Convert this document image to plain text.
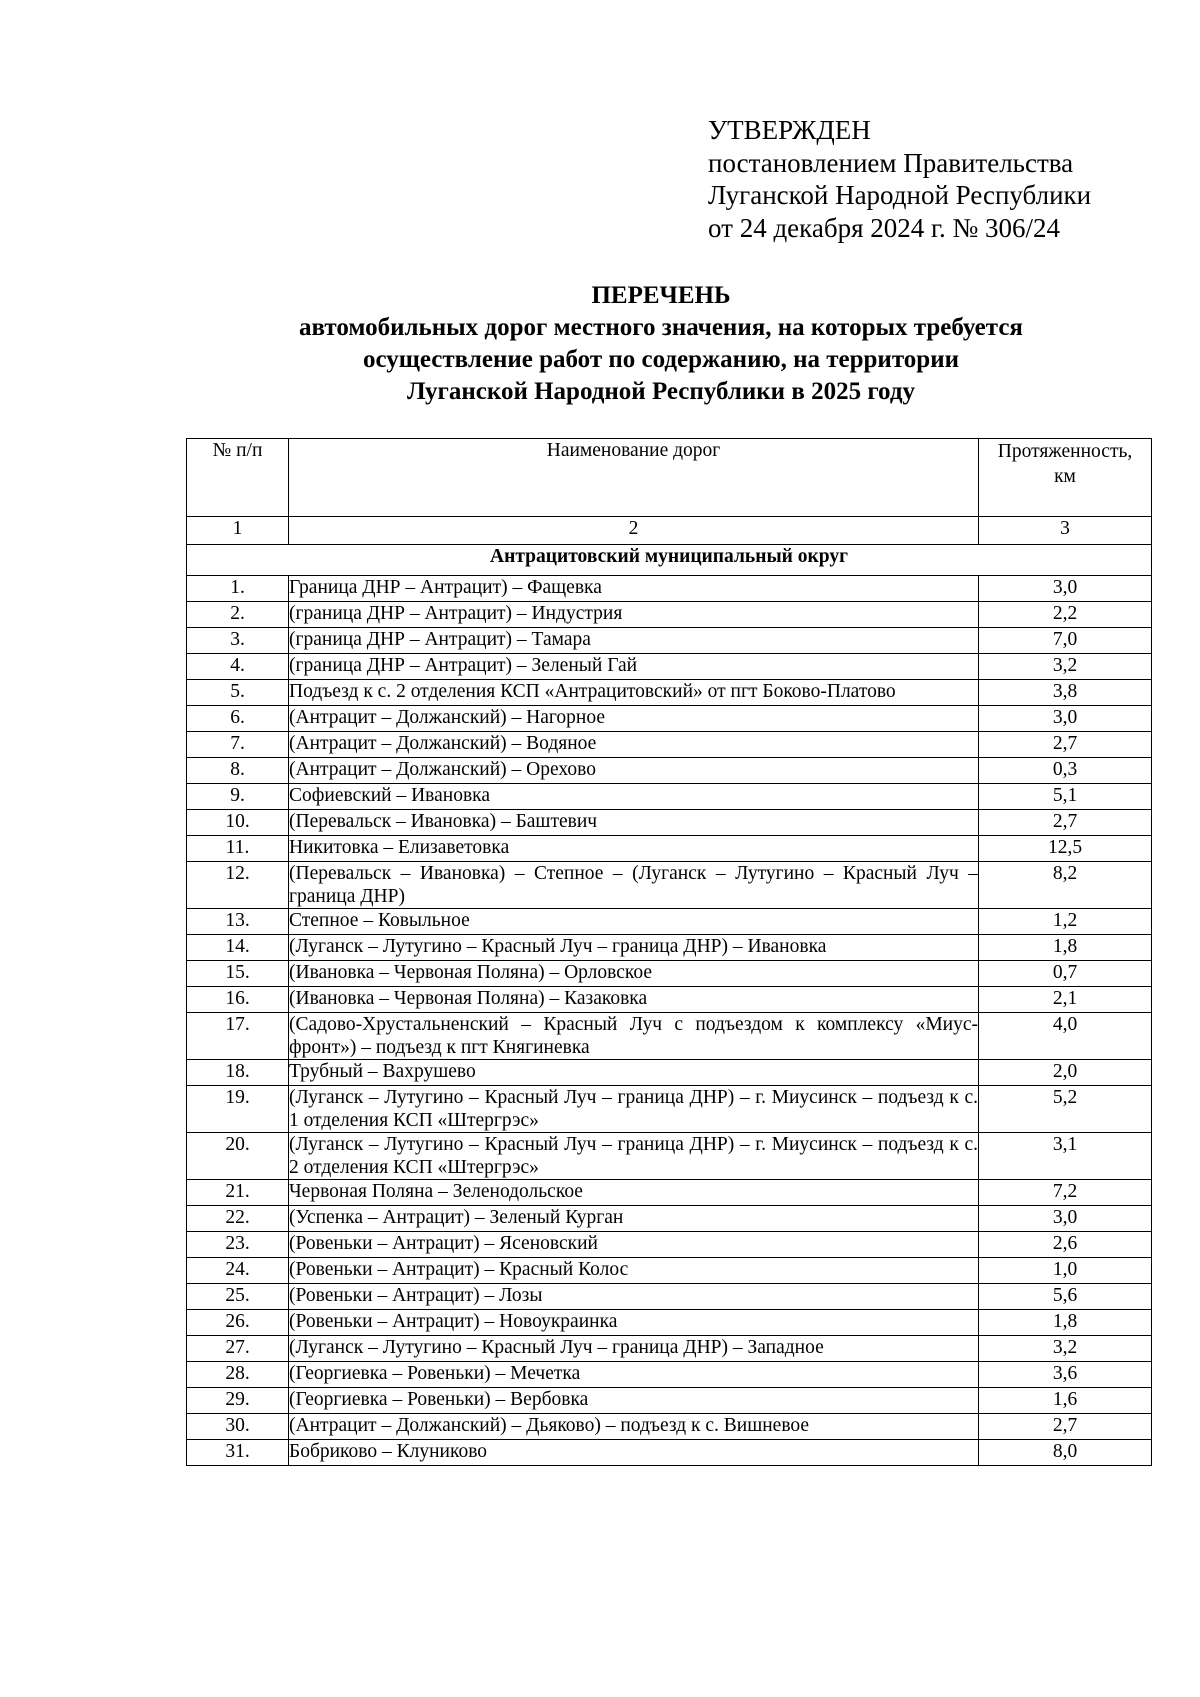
УТВЕРЖДЕН
постановлением Правительства
Луганской Народной Республики
от 24 декабря 2024 г. № 306/24
ПЕРЕЧЕНЬ
автомобильных дорог местного значения, на которых требуется
осуществление работ по содержанию, на территории
Луганской Народной Республики в 2025 году
№ п/п	Наименование дорог	Протяженность,
км
1	2	3
Антрацитовский муниципальный округ		
1.	Граница ДНР – Антрацит) – Фащевка	3,0
2.	(граница ДНР – Антрацит) – Индустрия	2,2
3.	(граница ДНР – Антрацит) – Тамара	7,0
4.	(граница ДНР – Антрацит) – Зеленый Гай	3,2
5.	Подъезд к с. 2 отделения КСП «Антрацитовский» от пгт Боково-Платово	3,8
6.	(Антрацит – Должанский) – Нагорное	3,0
7.	(Антрацит – Должанский) – Водяное	2,7
8.	(Антрацит – Должанский) – Орехово	0,3
9.	Софиевский – Ивановка	5,1
10.	(Перевальск – Ивановка) – Баштевич	2,7
11.	Никитовка – Елизаветовка	12,5
12.	(Перевальск – Ивановка) – Степное – (Луганск – Лутугино – Красный Луч – граница ДНР)	8,2
13.	Степное – Ковыльное	1,2
14.	(Луганск – Лутугино – Красный Луч – граница ДНР) – Ивановка	1,8
15.	(Ивановка – Червоная Поляна) – Орловское	0,7
16.	(Ивановка – Червоная Поляна) – Казаковка	2,1
17.	(Садово-Хрустальненский – Красный Луч с подъездом к комплексу «Миус-фронт») – подъезд к пгт Княгиневка	4,0
18.	Трубный – Вахрушево	2,0
19.	(Луганск – Лутугино – Красный Луч – граница ДНР) – г. Миусинск – подъезд к с. 1 отделения КСП «Штергрэс»	5,2
20.	(Луганск – Лутугино – Красный Луч – граница ДНР) – г. Миусинск – подъезд к с. 2 отделения КСП «Штергрэс»	3,1
21.	Червоная Поляна – Зеленодольское	7,2
22.	(Успенка – Антрацит) – Зеленый Курган	3,0
23.	(Ровеньки – Антрацит) – Ясеновский	2,6
24.	(Ровеньки – Антрацит) – Красный Колос	1,0
25.	(Ровеньки – Антрацит) – Лозы	5,6
26.	(Ровеньки – Антрацит) – Новоукраинка	1,8
27.	(Луганск – Лутугино – Красный Луч – граница ДНР) – Западное	3,2
28.	(Георгиевка – Ровеньки) – Мечетка	3,6
29.	(Георгиевка – Ровеньки) – Вербовка	1,6
30.	(Антрацит – Должанский) – Дьяково) – подъезд к с. Вишневое	2,7
31.	Бобриково – Клуниково	8,0
